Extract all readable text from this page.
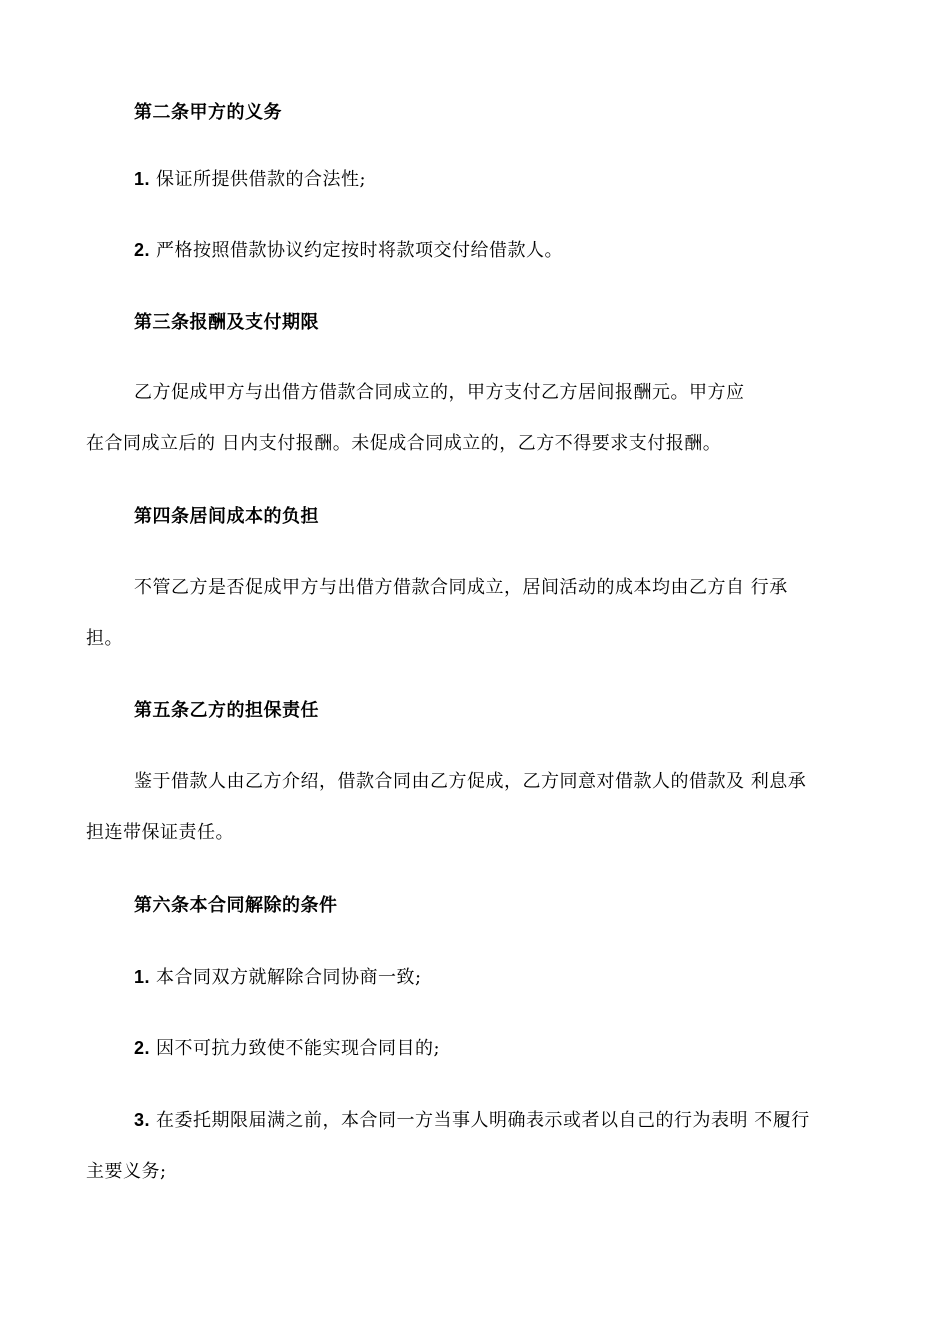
第二条甲方的义务
1. 保证所提供借款的合法性;
2. 严格按照借款协议约定按时将款项交付给借款人。
第三条报酬及支付期限
乙方促成甲方与出借方借款合同成立的，甲方支付乙方居间报酬元。甲方应
在合同成立后的 日内支付报酬。未促成合同成立的，乙方不得要求支付报酬。
第四条居间成本的负担
不管乙方是否促成甲方与出借方借款合同成立，居间活动的成本均由乙方自 行承
担。
第五条乙方的担保责任
鉴于借款人由乙方介绍，借款合同由乙方促成，乙方同意对借款人的借款及 利息承
担连带保证责任。
第六条本合同解除的条件
1. 本合同双方就解除合同协商一致;
2. 因不可抗力致使不能实现合同目的;
3. 在委托期限届满之前，本合同一方当事人明确表示或者以自己的行为表明 不履行
主要义务;
